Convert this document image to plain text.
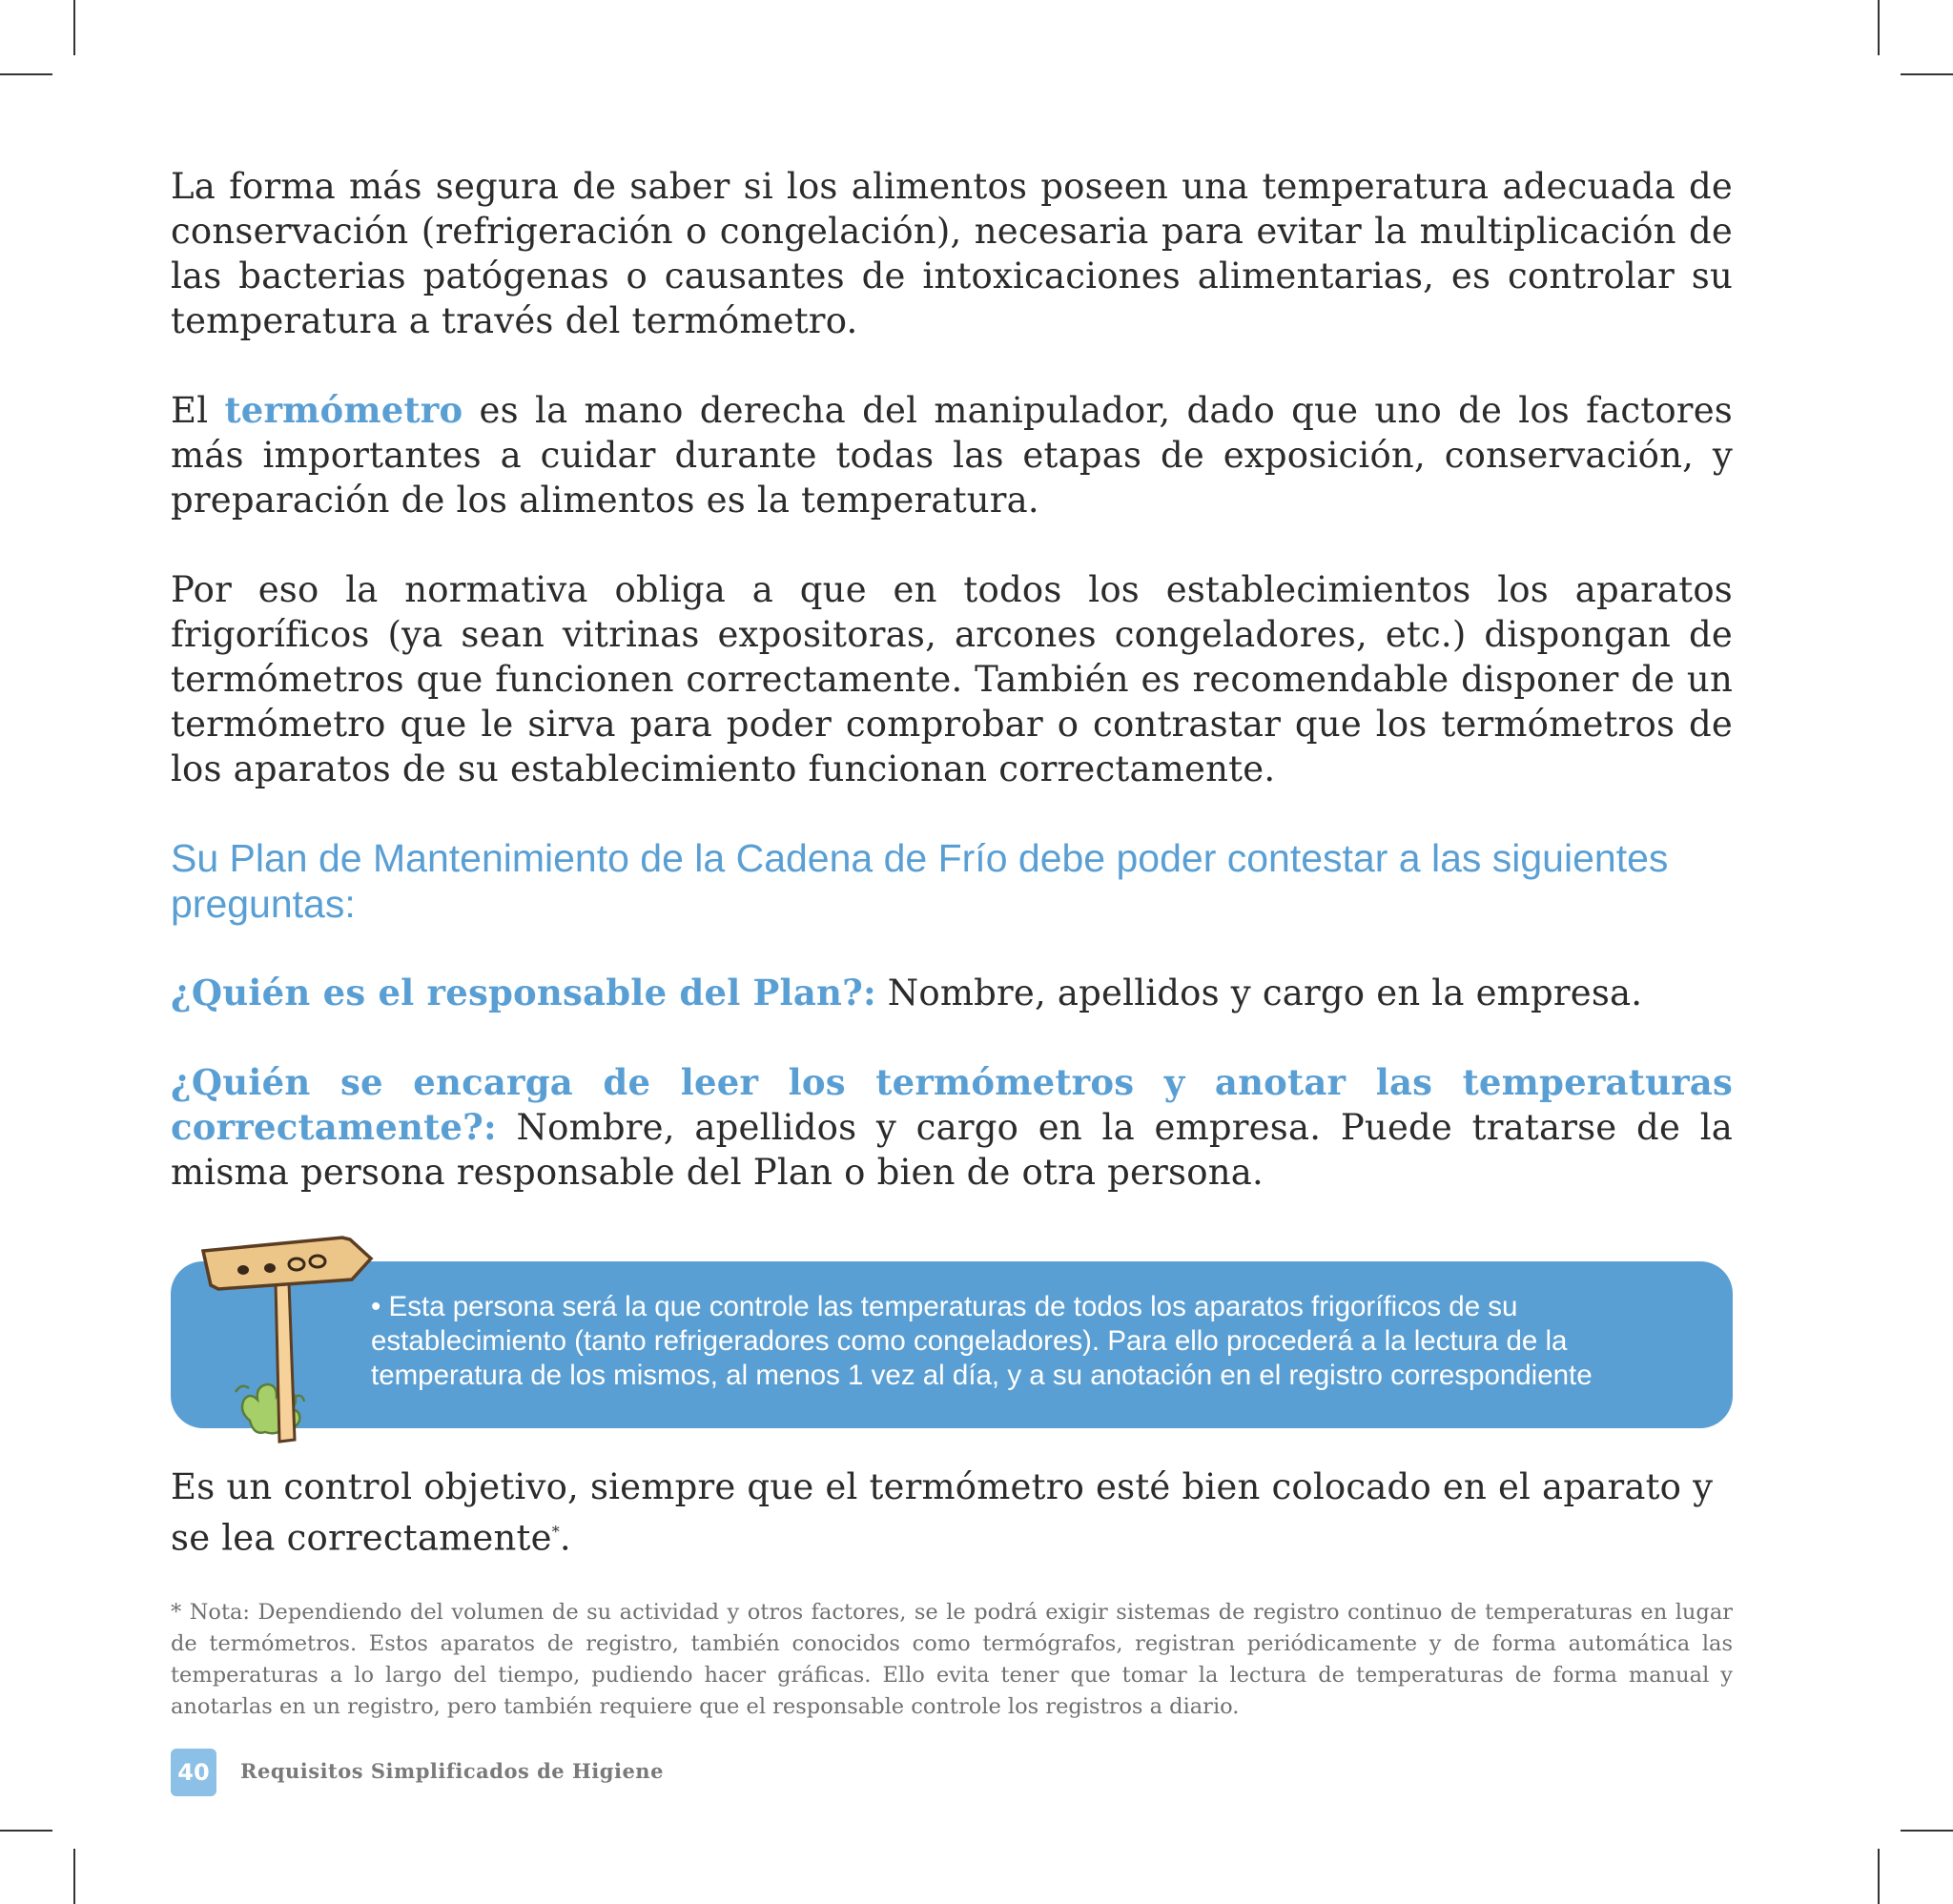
La forma más segura de saber si los alimentos poseen una temperatura adecuada de conservación (refrigeración o congelación), necesaria para evitar la multiplicación de las bacterias patógenas o causantes de intoxicaciones alimentarias, es controlar su temperatura a través del termómetro.

El termómetro es la mano derecha del manipulador, dado que uno de los factores más importantes a cuidar durante todas las etapas de exposición, conservación, y preparación de los alimentos es la temperatura.

Por eso la normativa obliga a que en todos los establecimientos los aparatos frigoríficos (ya sean vitrinas expositoras, arcones congeladores, etc.) dispongan de termómetros que funcionen correctamente. También es recomendable disponer de un termómetro que le sirva para poder comprobar o contrastar que los termómetros de los aparatos de su establecimiento funcionan correctamente.

Su Plan de Mantenimiento de la Cadena de Frío debe poder contestar a las siguientes preguntas:

¿Quién es el responsable del Plan?: Nombre, apellidos y cargo en la empresa.

¿Quién se encarga de leer los termómetros y anotar las temperaturas correctamente?: Nombre, apellidos y cargo en la empresa. Puede tratarse de la misma persona responsable del Plan o bien de otra persona.

• Esta persona será la que controle las temperaturas de todos los aparatos frigoríficos de su establecimiento (tanto refrigeradores como congeladores). Para ello procederá a la lectura de la temperatura de los mismos, al menos 1 vez al día, y a su anotación en el registro correspondiente

Es un control objetivo, siempre que el termómetro esté bien colocado en el aparato y se lea correctamente*.

* Nota: Dependiendo del volumen de su actividad y otros factores, se le podrá exigir sistemas de registro continuo de temperaturas en lugar de termómetros. Estos aparatos de registro, también conocidos como termógrafos, registran periódicamente y de forma automática las temperaturas a lo largo del tiempo, pudiendo hacer gráficas. Ello evita tener que tomar la lectura de temperaturas de forma manual y anotarlas en un registro, pero también requiere que el responsable controle los registros a diario.

40	Requisitos Simplificados de Higiene
